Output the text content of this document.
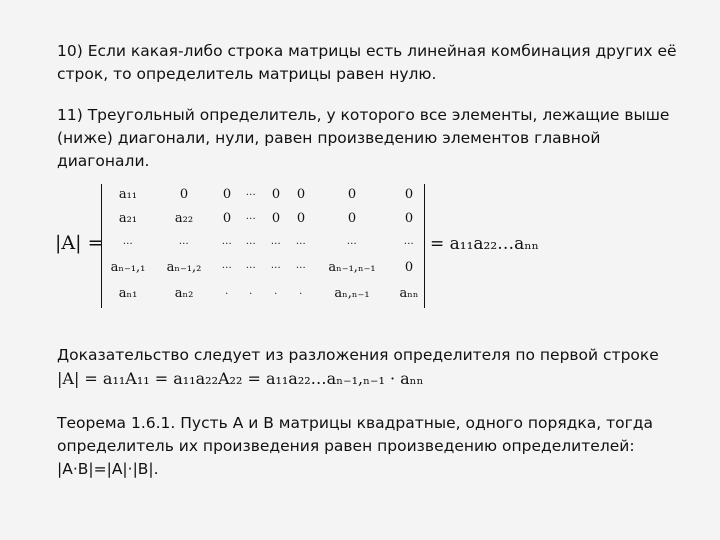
10) Если какая-либо строка матрицы есть линейная комбинация других её строк, то определитель матрицы равен нулю.

11) Треугольный определитель, у которого все элементы, лежащие выше (ниже) диагонали, нули, равен произведению элементов главной диагонали.

|A| =
a₁₁	0	0 … 0 0	0	0
a₂₁	a₂₂ 0 … 0 0	0	0
…	…	… … … …	…	…
aₙ₋₁,₁ aₙ₋₁,₂ … … … … aₙ₋₁,ₙ₋₁ 0
aₙ₁	aₙ₂	. . . . aₙ,ₙ₋₁ aₙₙ
= a₁₁a₂₂…aₙₙ
Доказательство следует из разложения определителя по первой строке
|A| = a₁₁A₁₁ = a₁₁a₂₂A₂₂ = a₁₁a₂₂…aₙ₋₁,ₙ₋₁ · aₙₙ
Теорема 1.6.1. Пусть A и B матрицы квадратные, одного порядка, тогда
определитель их произведения равен произведению определителей:
|A·B|=|A|·|B|.
